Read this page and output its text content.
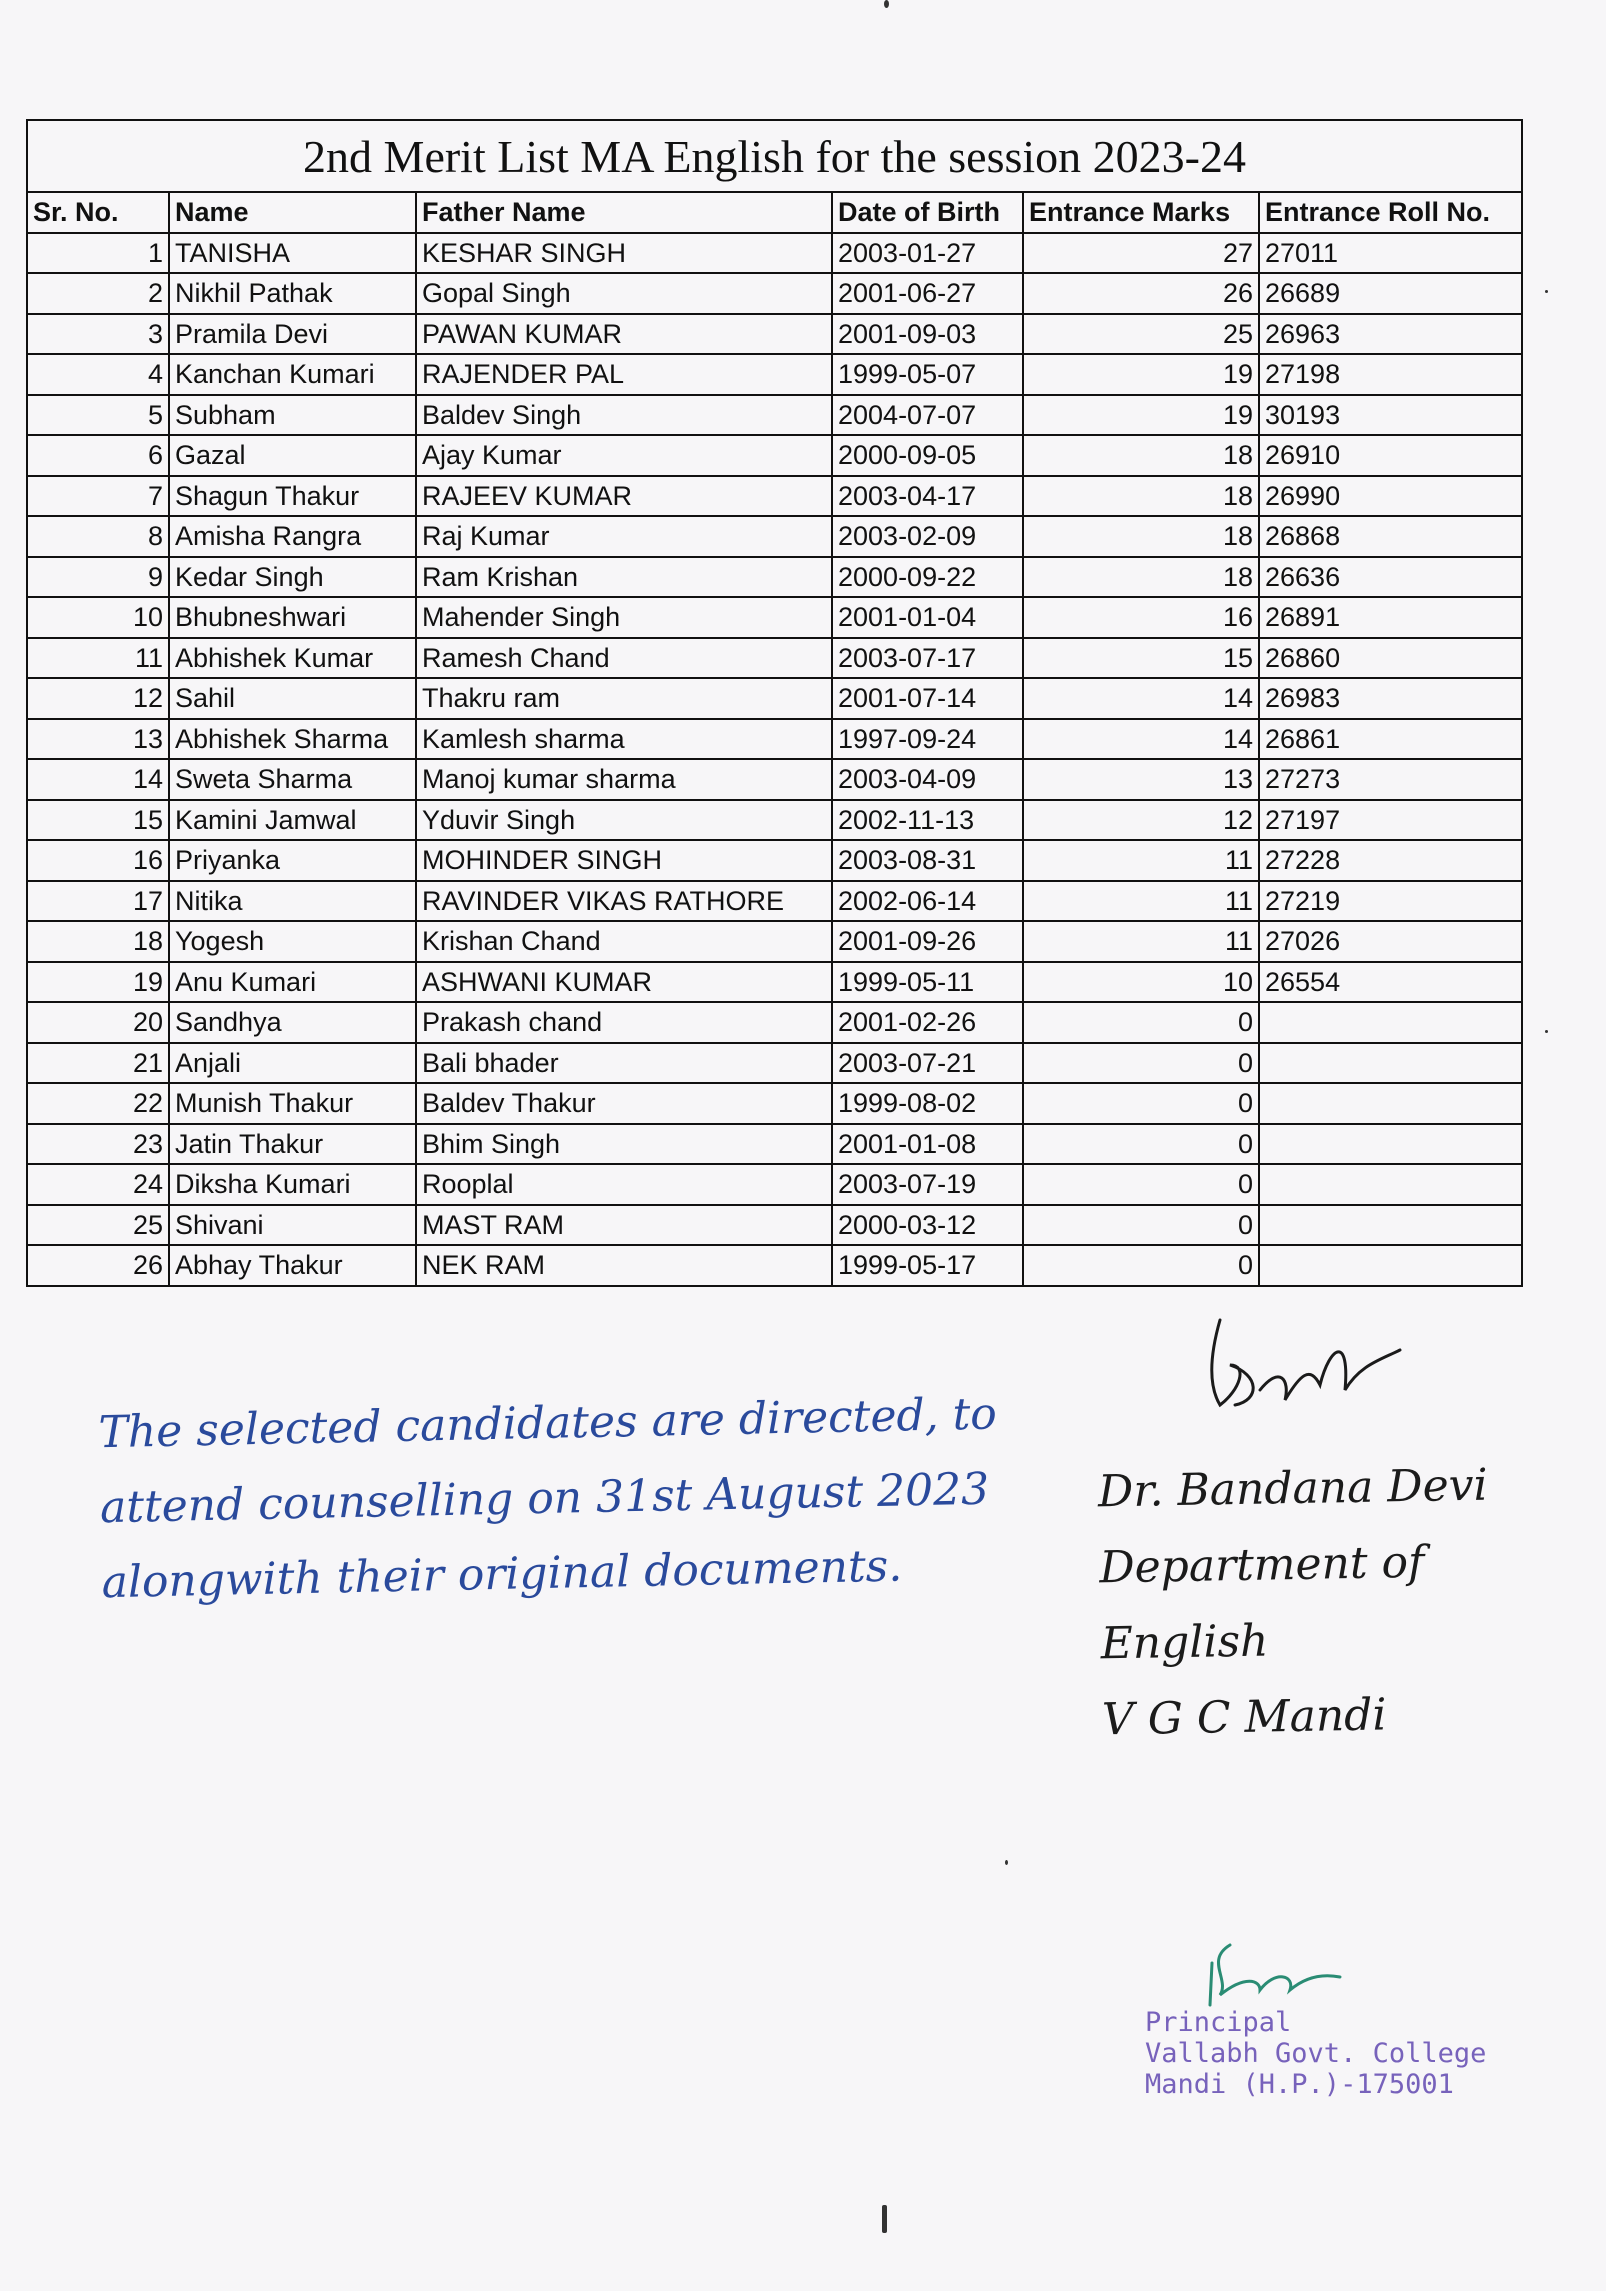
2nd Merit List MA English for the session 2023-24					
Sr. No.	Name	Father Name	Date of Birth	Entrance Marks	Entrance Roll No.
1	TANISHA	KESHAR SINGH	2003-01-27	27	27011
2	Nikhil Pathak	Gopal Singh	2001-06-27	26	26689
3	Pramila Devi	PAWAN KUMAR	2001-09-03	25	26963
4	Kanchan Kumari	RAJENDER PAL	1999-05-07	19	27198
5	Subham	Baldev Singh	2004-07-07	19	30193
6	Gazal	Ajay Kumar	2000-09-05	18	26910
7	Shagun Thakur	RAJEEV KUMAR	2003-04-17	18	26990
8	Amisha Rangra	Raj Kumar	2003-02-09	18	26868
9	Kedar Singh	Ram Krishan	2000-09-22	18	26636
10	Bhubneshwari	Mahender Singh	2001-01-04	16	26891
11	Abhishek Kumar	Ramesh Chand	2003-07-17	15	26860
12	Sahil	Thakru ram	2001-07-14	14	26983
13	Abhishek Sharma	Kamlesh sharma	1997-09-24	14	26861
14	Sweta Sharma	Manoj kumar sharma	2003-04-09	13	27273
15	Kamini Jamwal	Yduvir Singh	2002-11-13	12	27197
16	Priyanka	MOHINDER SINGH	2003-08-31	11	27228
17	Nitika	RAVINDER VIKAS RATHORE	2002-06-14	11	27219
18	Yogesh	Krishan Chand	2001-09-26	11	27026
19	Anu Kumari	ASHWANI KUMAR	1999-05-11	10	26554
20	Sandhya	Prakash chand	2001-02-26	0	
21	Anjali	Bali bhader	2003-07-21	0	
22	Munish Thakur	Baldev Thakur	1999-08-02	0	
23	Jatin Thakur	Bhim Singh	2001-01-08	0	
24	Diksha Kumari	Rooplal	2003-07-19	0	
25	Shivani	MAST RAM	2000-03-12	0	
26	Abhay Thakur	NEK RAM	1999-05-17	0	
The selected candidates are directed, to
attend counselling on 31st August 2023
alongwith their original documents.
Dr. Bandana Devi
Department of English
V G C Mandi
Principal
Vallabh Govt. College
Mandi (H.P.)-175001
